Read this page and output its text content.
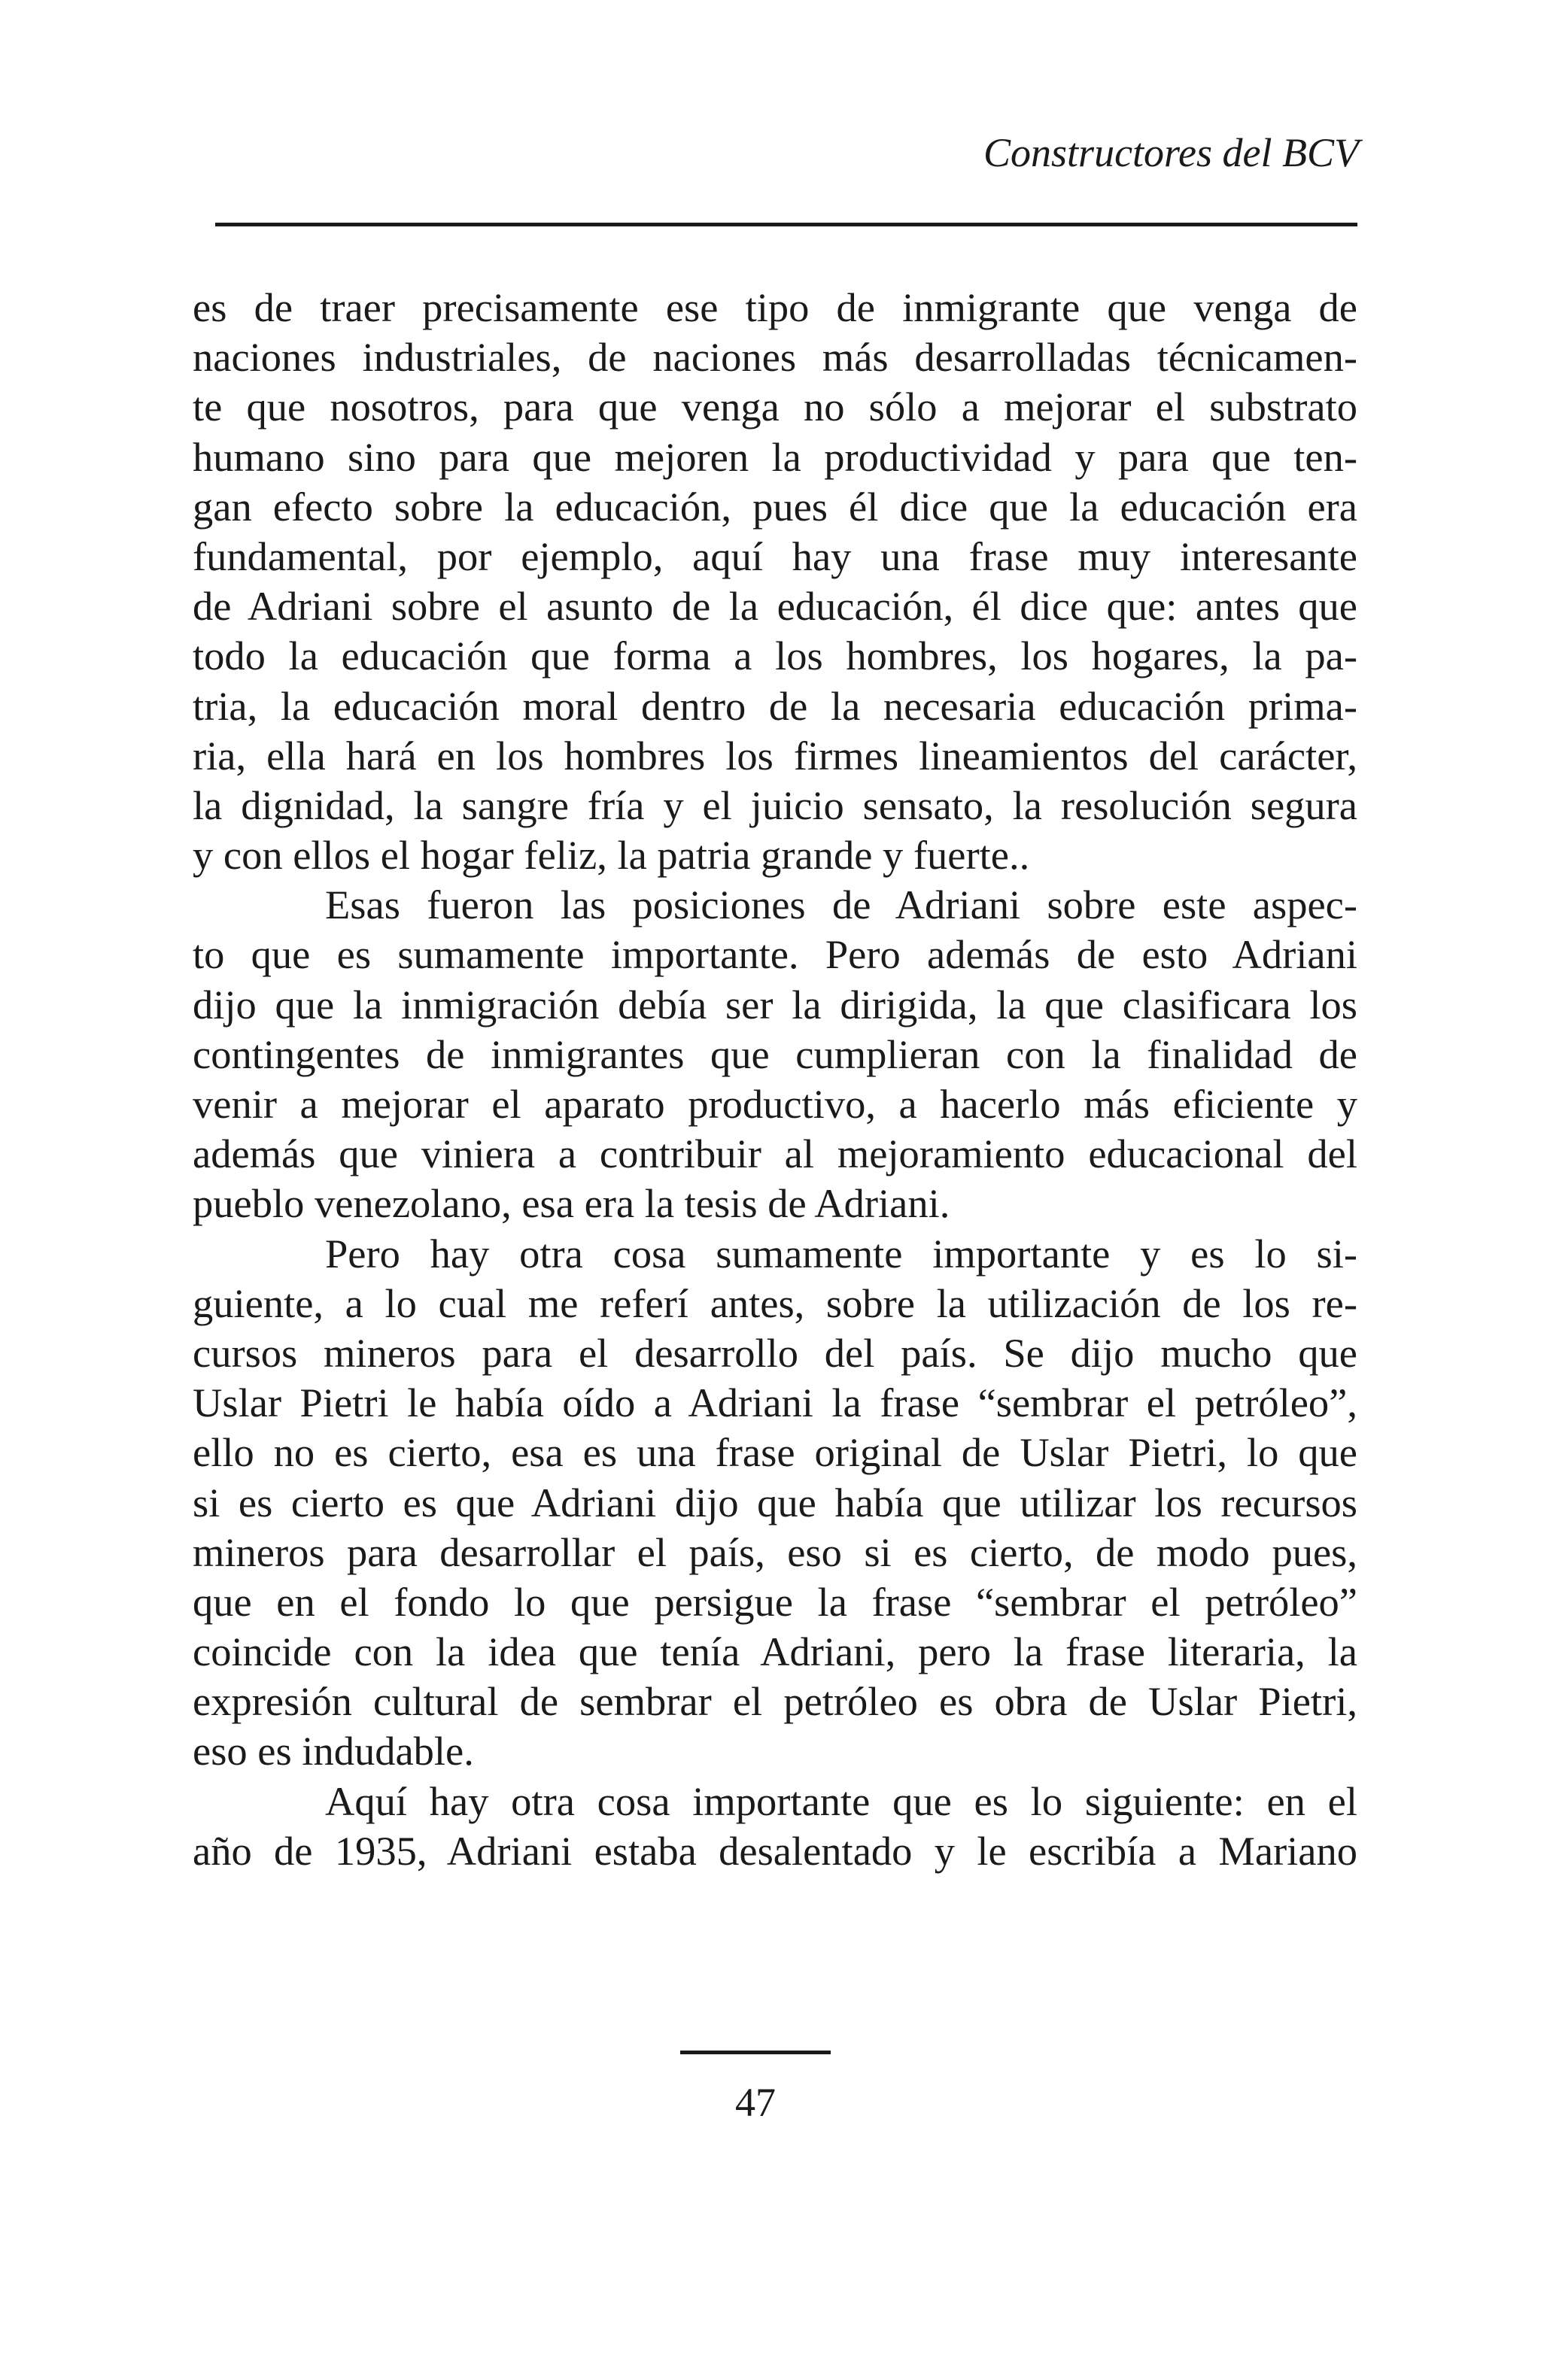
Constructores del BCV
es de traer precisamente ese tipo de inmigrante que venga de
naciones industriales, de naciones más desarrolladas técnicamen-
te que nosotros, para que venga no sólo a mejorar el substrato
humano sino para que mejoren la productividad y para que ten-
gan efecto sobre la educación, pues él dice que la educación era
fundamental, por ejemplo, aquí hay una frase muy interesante
de Adriani sobre el asunto de la educación, él dice que: antes que
todo la educación que forma a los hombres, los hogares, la pa-
tria, la educación moral dentro de la necesaria educación prima-
ria, ella hará en los hombres los firmes lineamientos del carácter,
la dignidad, la sangre fría y el juicio sensato, la resolución segura
y con ellos el hogar feliz, la patria grande y fuerte..
Esas fueron las posiciones de Adriani sobre este aspec-
to que es sumamente importante. Pero además de esto Adriani
dijo que la inmigración debía ser la dirigida, la que clasificara los
contingentes de inmigrantes que cumplieran con la finalidad de
venir a mejorar el aparato productivo, a hacerlo más eficiente y
además que viniera a contribuir al mejoramiento educacional del
pueblo venezolano, esa era la tesis de Adriani.
Pero hay otra cosa sumamente importante y es lo si-
guiente, a lo cual me referí antes, sobre la utilización de los re-
cursos mineros para el desarrollo del país. Se dijo mucho que
Uslar Pietri le había oído a Adriani la frase “sembrar el petróleo”,
ello no es cierto, esa es una frase original de Uslar Pietri, lo que
si es cierto es que Adriani dijo que había que utilizar los recursos
mineros para desarrollar el país, eso si es cierto, de modo pues,
que en el fondo lo que persigue la frase “sembrar el petróleo”
coincide con la idea que tenía Adriani, pero la frase literaria, la
expresión cultural de sembrar el petróleo es obra de Uslar Pietri,
eso es indudable.
Aquí hay otra cosa importante que es lo siguiente: en el
año de 1935, Adriani estaba desalentado y le escribía a Mariano
47
